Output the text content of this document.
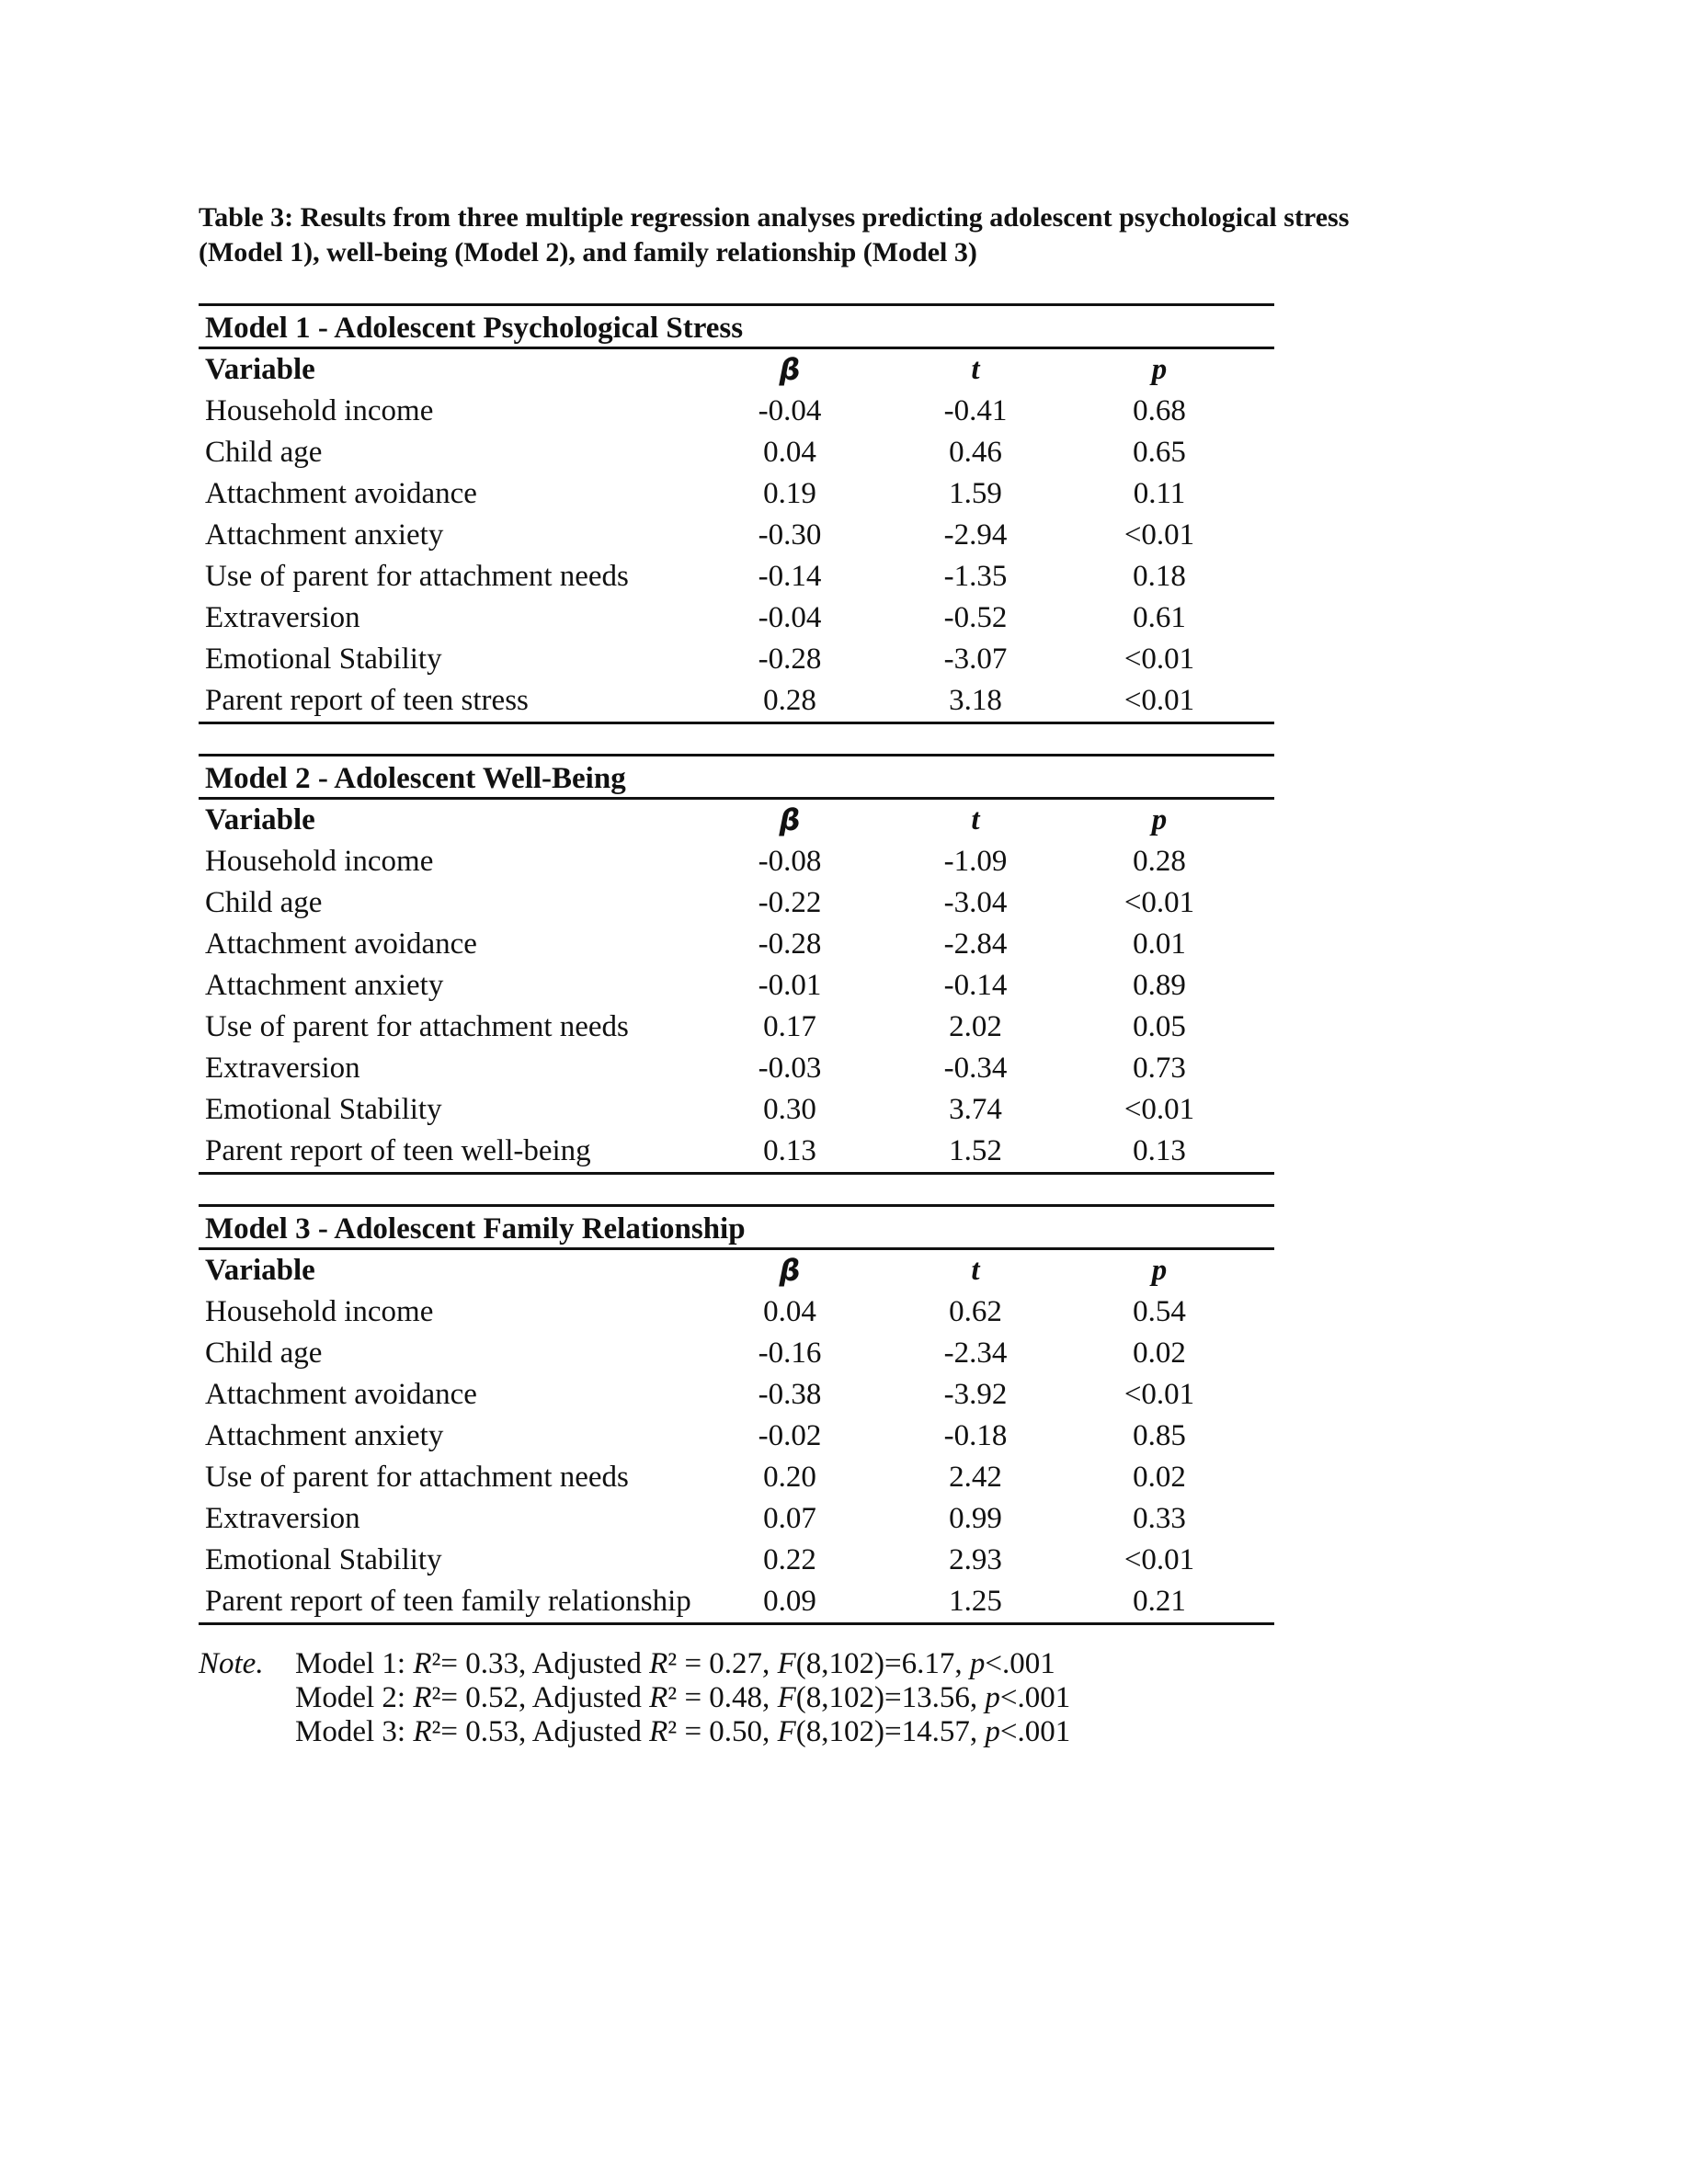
Table 3: Results from three multiple regression analyses predicting adolescent psychological stress
(Model 1), well-being (Model 2), and family relationship (Model 3)
Model 1 - Adolescent Psychological Stress
Variable	β	t	p
Household income	-0.04	-0.41	0.68
Child age	0.04	0.46	0.65
Attachment avoidance	0.19	1.59	0.11
Attachment anxiety	-0.30	-2.94	<0.01
Use of parent for attachment needs	-0.14	-1.35	0.18
Extraversion	-0.04	-0.52	0.61
Emotional Stability	-0.28	-3.07	<0.01
Parent report of teen stress	0.28	3.18	<0.01
Model 2 - Adolescent Well-Being
Variable	β	t	p
Household income	-0.08	-1.09	0.28
Child age	-0.22	-3.04	<0.01
Attachment avoidance	-0.28	-2.84	0.01
Attachment anxiety	-0.01	-0.14	0.89
Use of parent for attachment needs	0.17	2.02	0.05
Extraversion	-0.03	-0.34	0.73
Emotional Stability	0.30	3.74	<0.01
Parent report of teen well-being	0.13	1.52	0.13
Model 3 - Adolescent Family Relationship
Variable	β	t	p
Household income	0.04	0.62	0.54
Child age	-0.16	-2.34	0.02
Attachment avoidance	-0.38	-3.92	<0.01
Attachment anxiety	-0.02	-0.18	0.85
Use of parent for attachment needs	0.20	2.42	0.02
Extraversion	0.07	0.99	0.33
Emotional Stability	0.22	2.93	<0.01
Parent report of teen family relationship 0.09	1.25	0.21
Note. Model 1: R²= 0.33, Adjusted R² = 0.27, F(8,102)=6.17, p<.001
Model 2: R²= 0.52, Adjusted R² = 0.48, F(8,102)=13.56, p<.001
Model 3: R²= 0.53, Adjusted R² = 0.50, F(8,102)=14.57, p<.001
